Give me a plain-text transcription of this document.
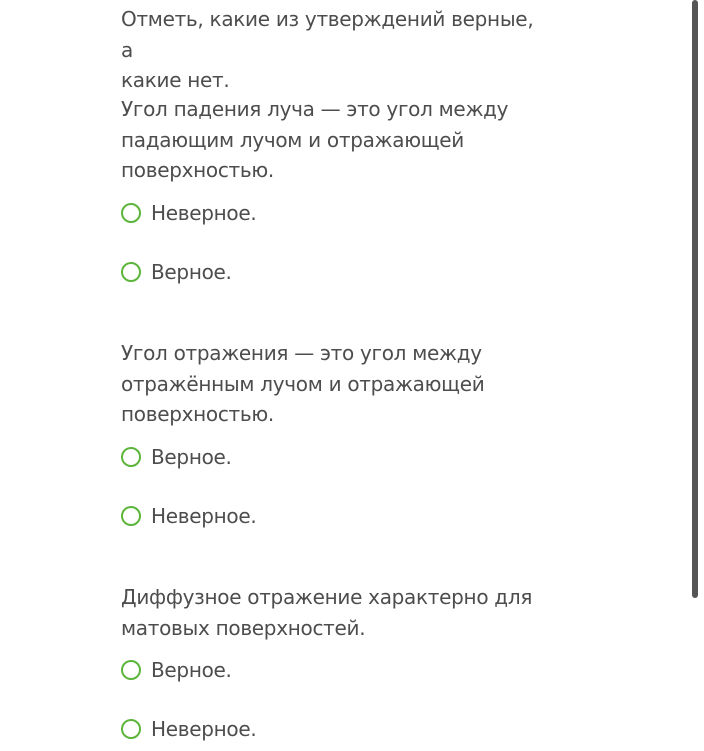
Отметь, какие из утверждений верные, а
какие нет.

Угол падения луча — это угол между
падающим лучом и отражающей
поверхностью.

Неверное.
Верное.

Угол отражения — это угол между
отражённым лучом и отражающей
поверхностью.

Верное.
Неверное.

Диффузное отражение характерно для
матовых поверхностей.

Верное.
Неверное.
